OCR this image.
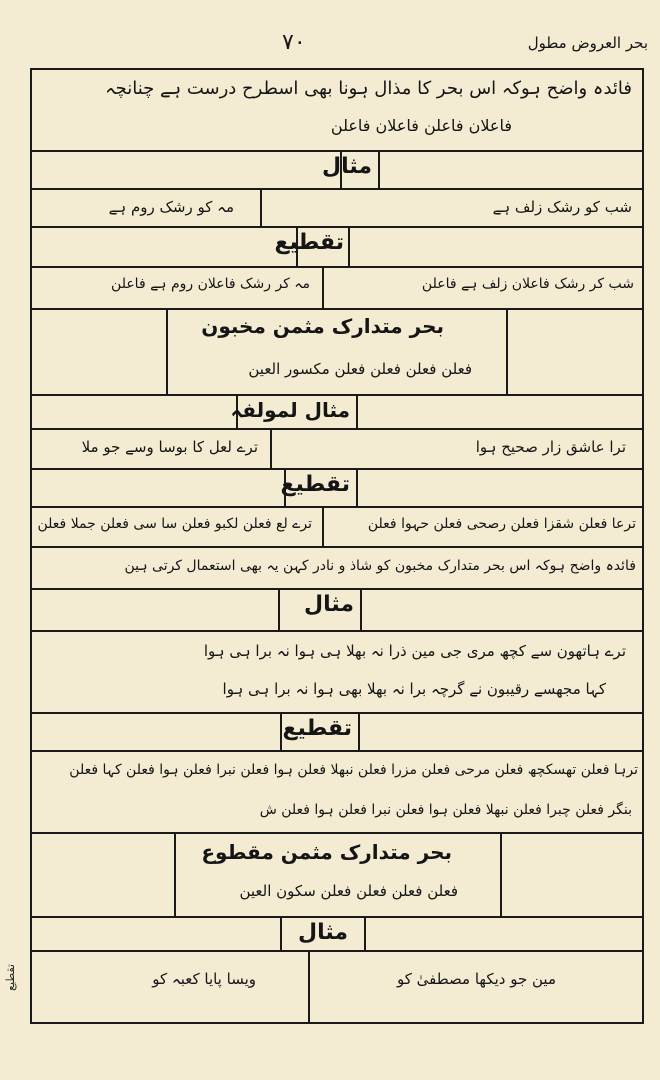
بحر العروض مطول
۷۰
فائدہ واضح ہوکہ اس بحر کا مذال ہونا بھی اسطرح درست ہے چنانچہ
فاعلان فاعلن فاعلان فاعلن
مثال
شب کو رشک زلف ہے
مہ کو رشک روم ہے
تقطیع
شب کر رشک فاعلان زلف ہے فاعلن
مہ کر رشک فاعلان روم ہے فاعلن
بحر متدارک مثمن مخبون
فعلن فعلن فعلن فعلن مکسور العین
مثال لمولفہ
ترا عاشق زار صحیح ہوا
ترے لعل کا بوسا وسے جو ملا
تقطیع
ترعا فعلن شقزا فعلن رصحی فعلن حہوا فعلن
ترے لع فعلن لکبو فعلن سا سی فعلن جملا فعلن
فائدہ واضح ہوکہ اس بحر متدارک مخبون کو شاذ و نادر کہن یہ بھی استعمال کرتی ہین
مثال
ترے ہاتھون سے کچھ مری جی مین ذرا نہ بھلا ہی ہوا نہ برا ہی ہوا
کہا مجھسے رقیبون نے گرچہ برا نہ بھلا بھی ہوا نہ برا ہی ہوا
تقطیع
ترہا فعلن تھسکچھ فعلن مرحی فعلن مزرا فعلن نبھلا فعلن ہوا فعلن نبرا فعلن ہوا فعلن کہا فعلن
بنگر فعلن چبرا فعلن نبھلا فعلن ہوا فعلن نبرا فعلن ہوا فعلن ش
بحر متدارک مثمن مقطوع
فعلن فعلن فعلن فعلن سکون العین
مثال
مین جو دیکھا مصطفیٰ کو
ویسا پایا کعبہ کو
تقطیع
